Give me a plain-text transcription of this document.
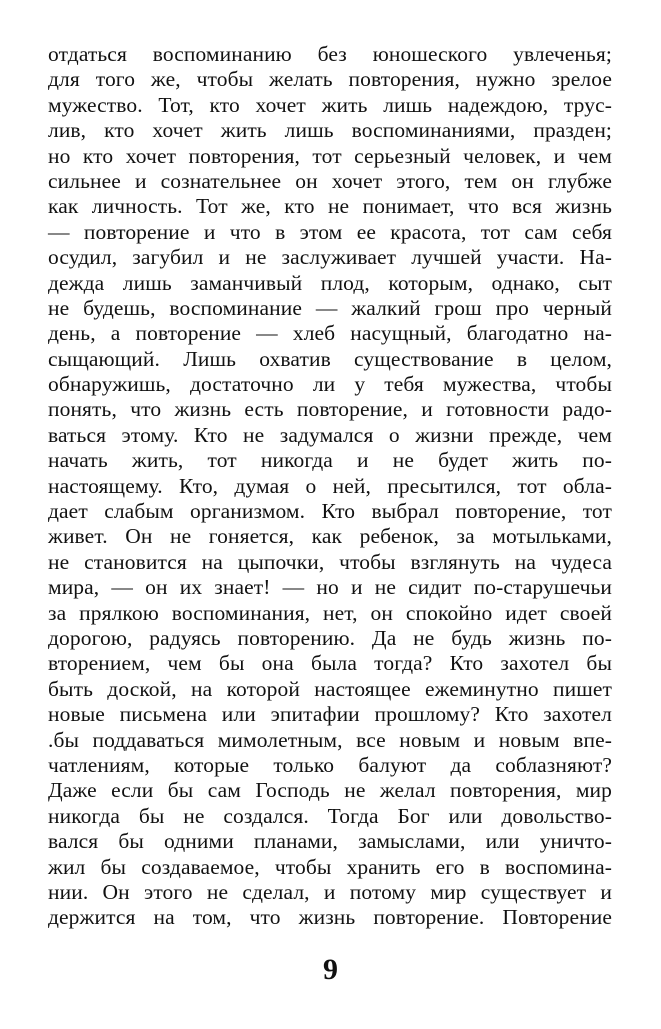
отдаться воспоминанию без юношеского увлеченья;
для того же, чтобы желать повторения, нужно зрелое
мужество. Тот, кто хочет жить лишь надеждою, трус-
лив, кто хочет жить лишь воспоминаниями, празден;
но кто хочет повторения, тот серьезный человек, и чем
сильнее и сознательнее он хочет этого, тем он глубже
как личность. Тот же, кто не понимает, что вся жизнь
— повторение и что в этом ее красота, тот сам себя
осудил, загубил и не заслуживает лучшей участи. На-
дежда лишь заманчивый плод, которым, однако, сыт
не будешь, воспоминание — жалкий грош про черный
день, а повторение — хлеб насущный, благодатно на-
сыщающий. Лишь охватив существование в целом,
обнаружишь, достаточно ли у тебя мужества, чтобы
понять, что жизнь есть повторение, и готовности радо-
ваться этому. Кто не задумался о жизни прежде, чем
начать жить, тот никогда и не будет жить по-
настоящему. Кто, думая о ней, пресытился, тот обла-
дает слабым организмом. Кто выбрал повторение, тот
живет. Он не гоняется, как ребенок, за мотыльками,
не становится на цыпочки, чтобы взглянуть на чудеса
мира, — он их знает! — но и не сидит по-старушечьи
за прялкою воспоминания, нет, он спокойно идет своей
дорогою, радуясь повторению. Да не будь жизнь по-
вторением, чем бы она была тогда? Кто захотел бы
быть доской, на которой настоящее ежеминутно пишет
новые письмена или эпитафии прошлому? Кто захотел
.бы поддаваться мимолетным, все новым и новым впе-
чатлениям, которые только балуют да соблазняют?
Даже если бы сам Господь не желал повторения, мир
никогда бы не создался. Тогда Бог или довольство-
вался бы одними планами, замыслами, или уничто-
жил бы создаваемое, чтобы хранить его в воспомина-
нии. Он этого не сделал, и потому мир существует и
держится на том, что жизнь повторение. Повторение
9
